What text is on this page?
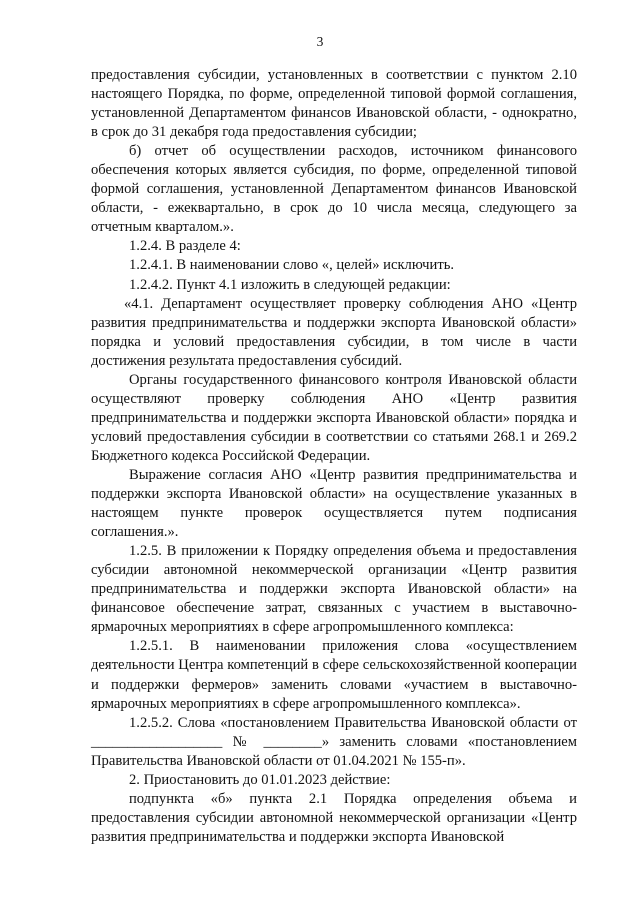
3

предоставления субсидии, установленных в соответствии с пунктом 2.10 настоящего Порядка, по форме, определенной типовой формой соглашения, установленной Департаментом финансов Ивановской области, - однократно, в срок до 31 декабря года предоставления субсидии;

б) отчет об осуществлении расходов, источником финансового обеспечения которых является субсидия, по форме, определенной типовой формой соглашения, установленной Департаментом финансов Ивановской области, - ежеквартально, в срок до 10 числа месяца, следующего за отчетным кварталом.».

1.2.4. В разделе 4:

1.2.4.1. В наименовании слово «, целей» исключить.

1.2.4.2. Пункт 4.1 изложить в следующей редакции:

«4.1. Департамент осуществляет проверку соблюдения АНО «Центр развития предпринимательства и поддержки экспорта Ивановской области» порядка и условий предоставления субсидии, в том числе в части достижения результата предоставления субсидий.

Органы государственного финансового контроля Ивановской области осуществляют проверку соблюдения АНО «Центр развития предпринимательства и поддержки экспорта Ивановской области» порядка и условий предоставления субсидии в соответствии со статьями 268.1 и 269.2 Бюджетного кодекса Российской Федерации.

Выражение согласия АНО «Центр развития предпринимательства и поддержки экспорта Ивановской области» на осуществление указанных в настоящем пункте проверок осуществляется путем подписания соглашения.».

1.2.5. В приложении к Порядку определения объема и предоставления субсидии автономной некоммерческой организации «Центр развития предпринимательства и поддержки экспорта Ивановской области» на финансовое обеспечение затрат, связанных с участием в выставочно-ярмарочных мероприятиях в сфере агропромышленного комплекса:

1.2.5.1. В наименовании приложения слова «осуществлением деятельности Центра компетенций в сфере сельскохозяйственной кооперации и поддержки фермеров» заменить словами «участием в выставочно-ярмарочных мероприятиях в сфере агропромышленного комплекса».

1.2.5.2. Слова «постановлением Правительства Ивановской области от __________________ № ________» заменить словами «постановлением Правительства Ивановской области от 01.04.2021 № 155-п».

2. Приостановить до 01.01.2023 действие:

подпункта «б» пункта 2.1 Порядка определения объема и предоставления субсидии автономной некоммерческой организации «Центр развития предпринимательства и поддержки экспорта Ивановской
